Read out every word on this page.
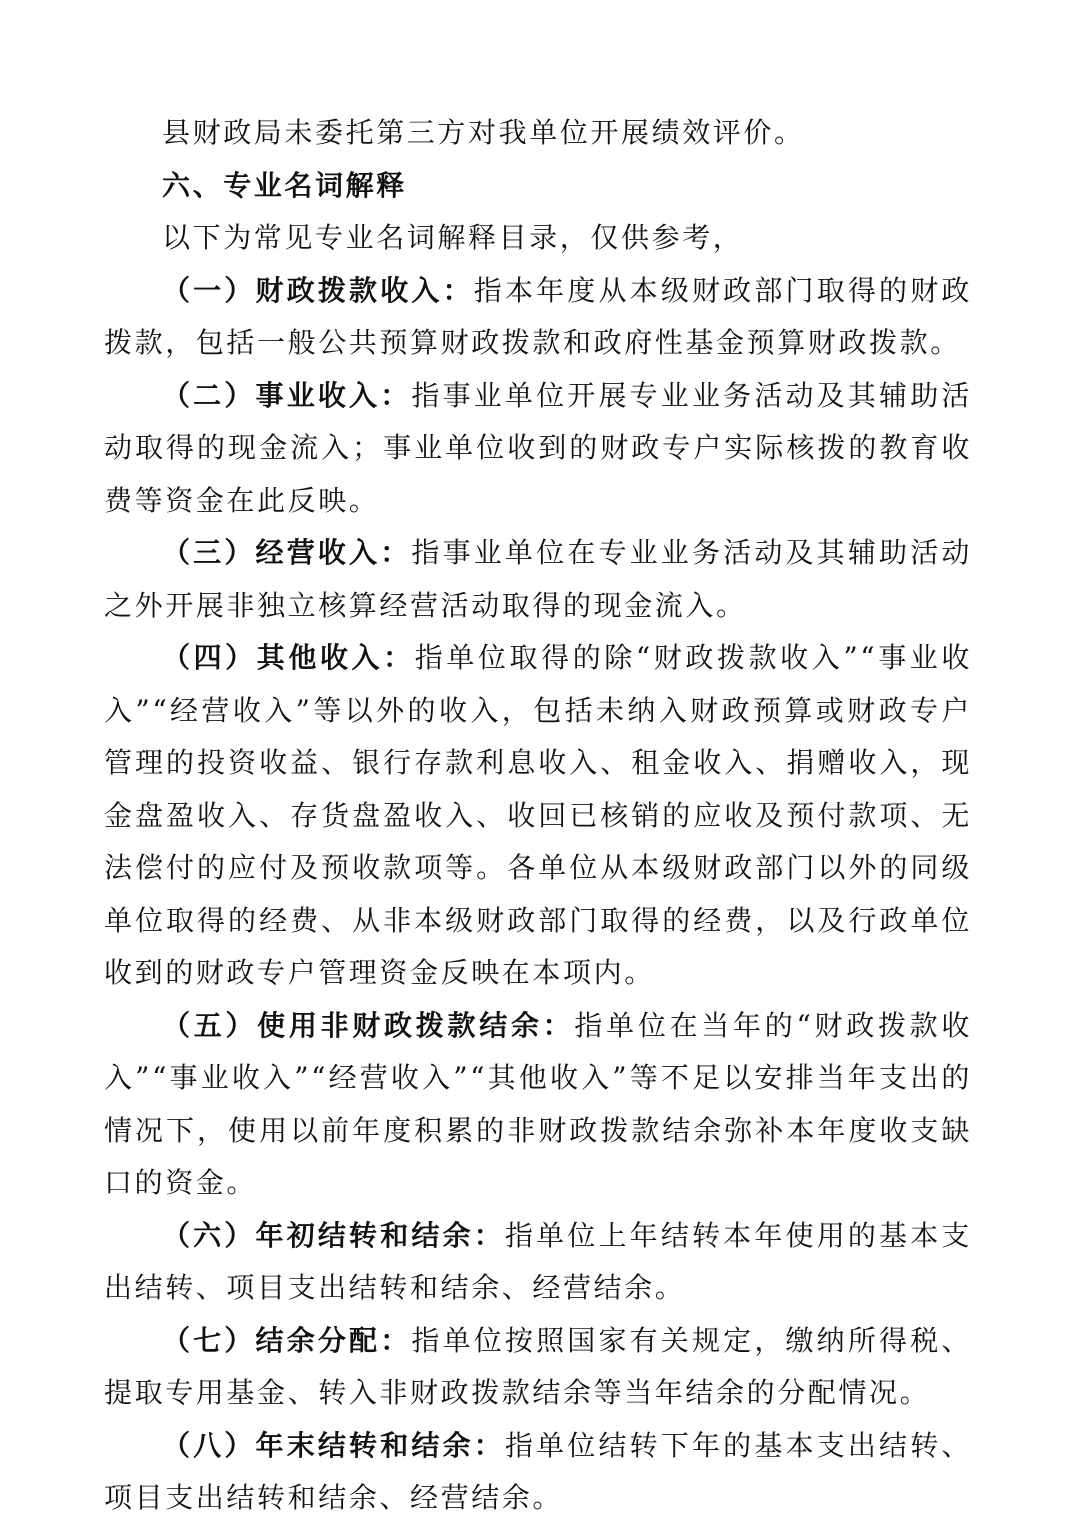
县财政局未委托第三方对我单位开展绩效评价。

六、专业名词解释

以下为常见专业名词解释目录，仅供参考，

（一）财政拨款收入：指本年度从本级财政部门取得的财政拨款，包括一般公共预算财政拨款和政府性基金预算财政拨款。

（二）事业收入：指事业单位开展专业业务活动及其辅助活动取得的现金流入；事业单位收到的财政专户实际核拨的教育收费等资金在此反映。

（三）经营收入：指事业单位在专业业务活动及其辅助活动之外开展非独立核算经营活动取得的现金流入。

（四）其他收入：指单位取得的除“财政拨款收入”“事业收入”“经营收入”等以外的收入，包括未纳入财政预算或财政专户管理的投资收益、银行存款利息收入、租金收入、捐赠收入，现金盘盈收入、存货盘盈收入、收回已核销的应收及预付款项、无法偿付的应付及预收款项等。各单位从本级财政部门以外的同级单位取得的经费、从非本级财政部门取得的经费，以及行政单位收到的财政专户管理资金反映在本项内。

（五）使用非财政拨款结余：指单位在当年的“财政拨款收入”“事业收入”“经营收入”“其他收入”等不足以安排当年支出的情况下，使用以前年度积累的非财政拨款结余弥补本年度收支缺口的资金。

（六）年初结转和结余：指单位上年结转本年使用的基本支出结转、项目支出结转和结余、经营结余。

（七）结余分配：指单位按照国家有关规定，缴纳所得税、提取专用基金、转入非财政拨款结余等当年结余的分配情况。

（八）年末结转和结余：指单位结转下年的基本支出结转、项目支出结转和结余、经营结余。
